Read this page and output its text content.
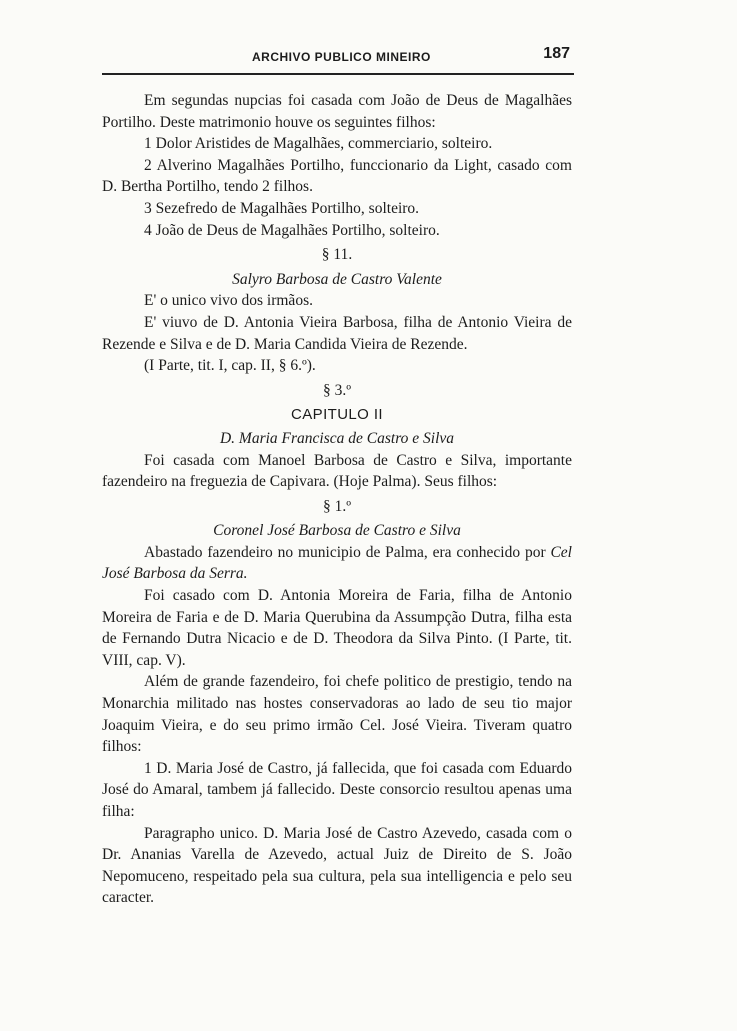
ARCHIVO PUBLICO MINEIRO	187

Em segundas nupcias foi casada com João de Deus de Magalhães Portilho. Deste matrimonio houve os seguintes filhos:

1 Dolor Aristides de Magalhães, commerciario, solteiro.

2 Alverino Magalhães Portilho, funccionario da Light, casado com D. Bertha Portilho, tendo 2 filhos.

3 Sezefredo de Magalhães Portilho, solteiro.

4 João de Deus de Magalhães Portilho, solteiro.

§ 11.

Salyro Barbosa de Castro Valente

E' o unico vivo dos irmãos.

E' viuvo de D. Antonia Vieira Barbosa, filha de Antonio Vieira de Rezende e Silva e de D. Maria Candida Vieira de Rezende.

(I Parte, tit. I, cap. II, § 6.º).

§ 3.º

CAPITULO II

D. Maria Francisca de Castro e Silva

Foi casada com Manoel Barbosa de Castro e Silva, importante fazendeiro na freguezia de Capivara. (Hoje Palma). Seus filhos:

§ 1.º

Coronel José Barbosa de Castro e Silva

Abastado fazendeiro no municipio de Palma, era conhecido por Cel José Barbosa da Serra.

Foi casado com D. Antonia Moreira de Faria, filha de Antonio Moreira de Faria e de D. Maria Querubina da Assumpção Dutra, filha esta de Fernando Dutra Nicacio e de D. Theodora da Silva Pinto. (I Parte, tit. VIII, cap. V).

Além de grande fazendeiro, foi chefe politico de prestigio, tendo na Monarchia militado nas hostes conservadoras ao lado de seu tio major Joaquim Vieira, e do seu primo irmão Cel. José Vieira. Tiveram quatro filhos:

1 D. Maria José de Castro, já fallecida, que foi casada com Eduardo José do Amaral, tambem já fallecido. Deste consorcio resultou apenas uma filha:

Paragrapho unico. D. Maria José de Castro Azevedo, casada com o Dr. Ananias Varella de Azevedo, actual Juiz de Direito de S. João Nepomuceno, respeitado pela sua cultura, pela sua intelligencia e pelo seu caracter.
